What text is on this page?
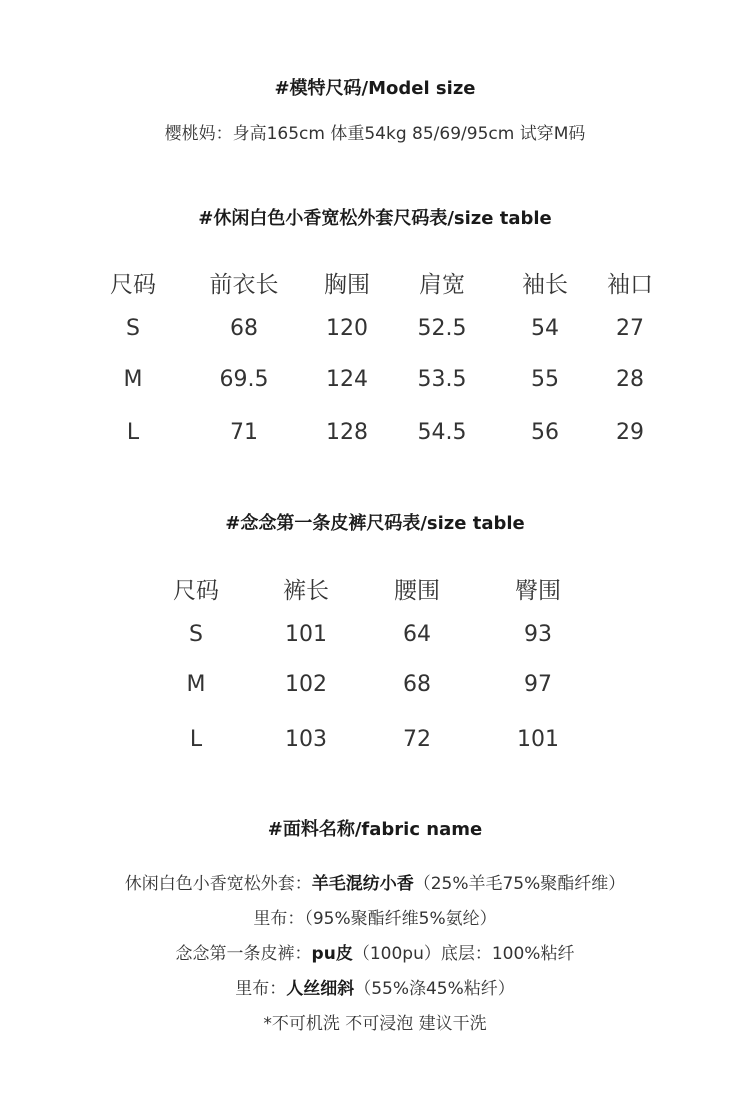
#模特尺码/Model size
樱桃妈：身高165cm 体重54kg 85/69/95cm 试穿M码
#休闲白色小香宽松外套尺码表/size table
尺码	前衣长	胸围	肩宽	袖长	袖口
S	68	120	52.5	54	27
M	69.5	124	53.5	55	28
L	71	128	54.5	56	29
#念念第一条皮裤尺码表/size table
尺码	裤长	腰围	臀围
S	101	64	93
M	102	68	97
L	103	72	101
#面料名称/fabric name
休闲白色小香宽松外套：羊毛混纺小香（25%羊毛75%聚酯纤维）
里布：（95%聚酯纤维5%氨纶）
念念第一条皮裤：pu皮（100pu）底层：100%粘纤
里布：人丝细斜（55%涤45%粘纤）
*不可机洗 不可浸泡 建议干洗
